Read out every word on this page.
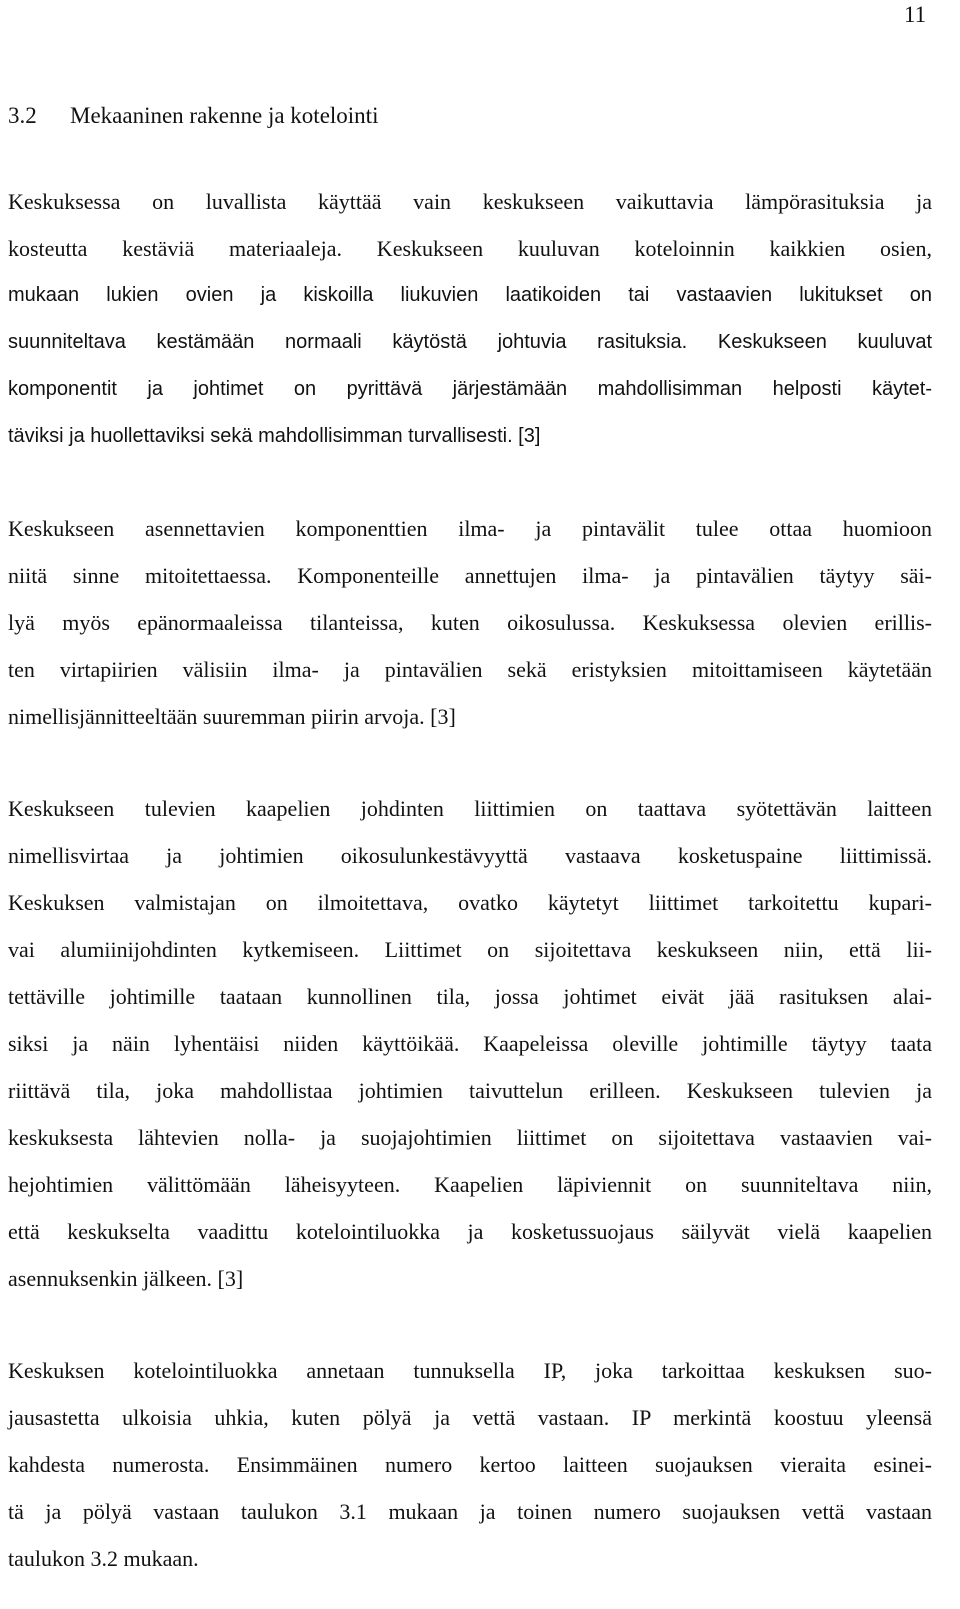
11
3.2 Mekaaninen rakenne ja kotelointi
Keskuksessa on luvallista käyttää vain keskukseen vaikuttavia lämpörasituksia ja
kosteutta kestäviä materiaaleja. Keskukseen kuuluvan koteloinnin kaikkien osien,
mukaan lukien ovien ja kiskoilla liukuvien laatikoiden tai vastaavien lukitukset on
suunniteltava kestämään normaali käytöstä johtuvia rasituksia. Keskukseen kuuluvat
komponentit ja johtimet on pyrittävä järjestämään mahdollisimman helposti käytet-
täviksi ja huollettaviksi sekä mahdollisimman turvallisesti. [3]
Keskukseen asennettavien komponenttien ilma- ja pintavälit tulee ottaa huomioon
niitä sinne mitoitettaessa. Komponenteille annettujen ilma- ja pintavälien täytyy säi-
lyä myös epänormaaleissa tilanteissa, kuten oikosulussa. Keskuksessa olevien erillis-
ten virtapiirien välisiin ilma- ja pintavälien sekä eristyksien mitoittamiseen käytetään
nimellisjännitteeltään suuremman piirin arvoja. [3]
Keskukseen tulevien kaapelien johdinten liittimien on taattava syötettävän laitteen
nimellisvirtaa ja johtimien oikosulunkestävyyttä vastaava kosketuspaine liittimissä.
Keskuksen valmistajan on ilmoitettava, ovatko käytetyt liittimet tarkoitettu kupari-
vai alumiinijohdinten kytkemiseen. Liittimet on sijoitettava keskukseen niin, että lii-
tettäville johtimille taataan kunnollinen tila, jossa johtimet eivät jää rasituksen alai-
siksi ja näin lyhentäisi niiden käyttöikää. Kaapeleissa oleville johtimille täytyy taata
riittävä tila, joka mahdollistaa johtimien taivuttelun erilleen. Keskukseen tulevien ja
keskuksesta lähtevien nolla- ja suojajohtimien liittimet on sijoitettava vastaavien vai-
hejohtimien välittömään läheisyyteen. Kaapelien läpiviennit on suunniteltava niin,
että keskukselta vaadittu kotelointiluokka ja kosketussuojaus säilyvät vielä kaapelien
asennuksenkin jälkeen. [3]
Keskuksen kotelointiluokka annetaan tunnuksella IP, joka tarkoittaa keskuksen suo-
jausastetta ulkoisia uhkia, kuten pölyä ja vettä vastaan. IP merkintä koostuu yleensä
kahdesta numerosta. Ensimmäinen numero kertoo laitteen suojauksen vieraita esinei-
tä ja pölyä vastaan taulukon 3.1 mukaan ja toinen numero suojauksen vettä vastaan
taulukon 3.2 mukaan.
